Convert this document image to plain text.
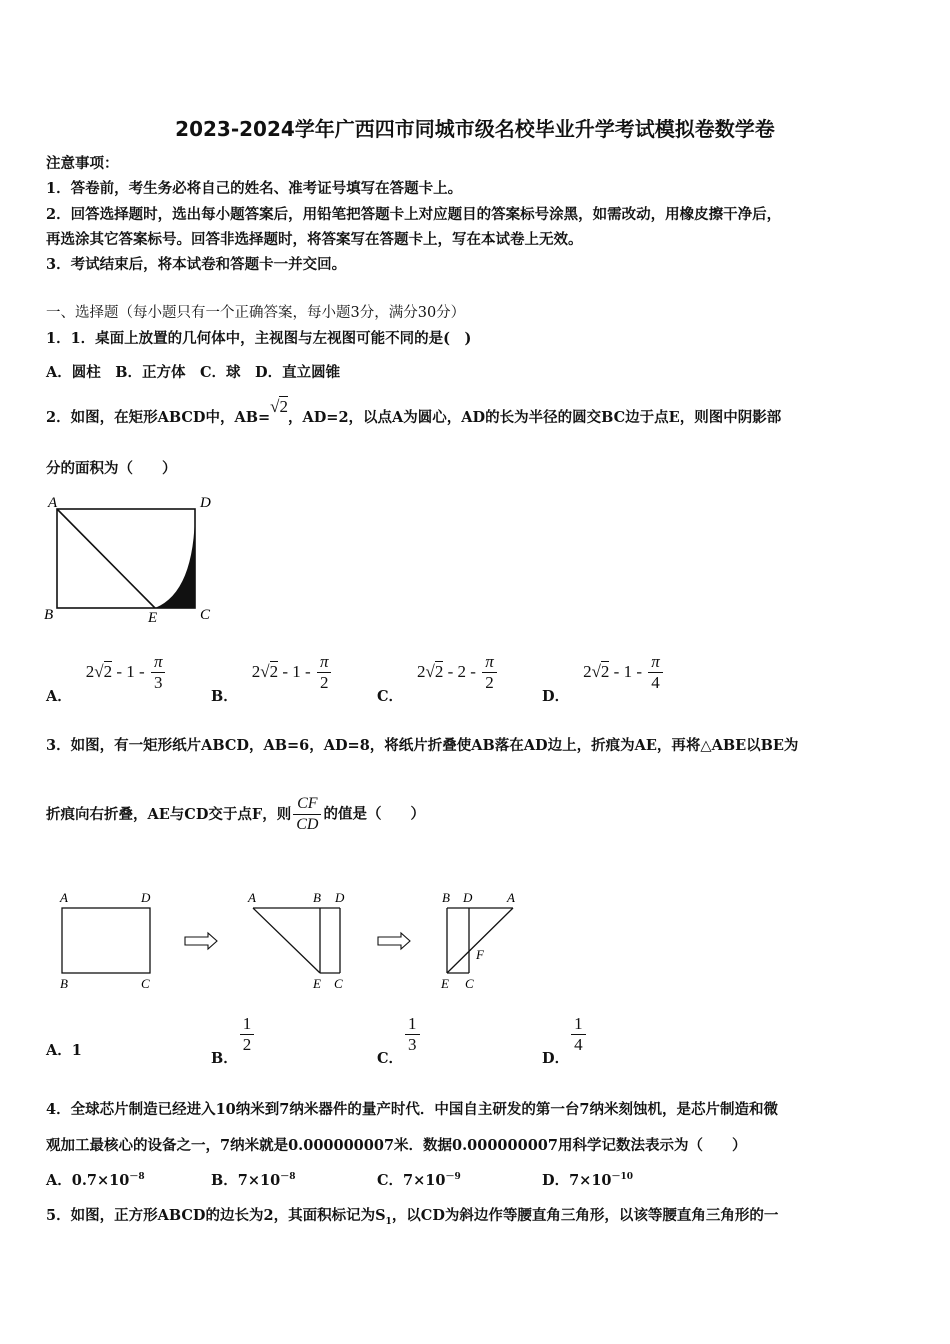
2023-2024学年广西四市同城市级名校毕业升学考试模拟卷数学卷
注意事项：
1．答卷前，考生务必将自己的姓名、准考证号填写在答题卡上。
2．回答选择题时，选出每小题答案后，用铅笔把答题卡上对应题目的答案标号涂黑，如需改动，用橡皮擦干净后，
再选涂其它答案标号。回答非选择题时，将答案写在答题卡上，写在本试卷上无效。
3．考试结束后，将本试卷和答题卡一并交回。
一、选择题（每小题只有一个正确答案，每小题3分，满分30分）
1．1．桌面上放置的几何体中，主视图与左视图可能不同的是(　)
A．圆柱　B．正方体　C．球　D．直立圆锥
2．如图，在矩形ABCD中，AB=√2，AD=2，以点A为圆心，AD的长为半径的圆交BC边于点E，则图中阴影部
分的面积为（　　）
A	D
B	E	C
A．$2√2 - 1 - \frac{\pi}{3}$
B．$2√2 - 1 - \frac{\pi}{2}$
C．$2√2 - 2 - \frac{\pi}{2}$
D．$2√2 - 1 - \frac{\pi}{4}$
3．如图，有一矩形纸片ABCD，AB=6，AD=8，将纸片折叠使AB落在AD边上，折痕为AE，再将△ABE以BE为
折痕向右折叠，AE与CD交于点F，则 $\frac{CF}{CD}$ 的值是（　　）
A	D
B	C
A	B D
E C
B D	A
F
E C
A．1	B．
$\frac{1}{2}$
C．
$\frac{1}{3}$
D．
$\frac{1}{4}$
4．全球芯片制造已经进入10纳米到7纳米器件的量产时代．中国自主研发的第一台7纳米刻蚀机，是芯片制造和微
观加工最核心的设备之一，7纳米就是0.000000007米．数据0.000000007用科学记数法表示为（　　）
A．$0.7\times 10^{-8}$	B．$7\times 10^{-8}$	C．$7\times 10^{-9}$	D．$7\times 10^{-10}$
5．如图，正方形ABCD的边长为2，其面积标记为$S_1$，以CD为斜边作等腰直角三角形，以该等腰直角三角形的一
